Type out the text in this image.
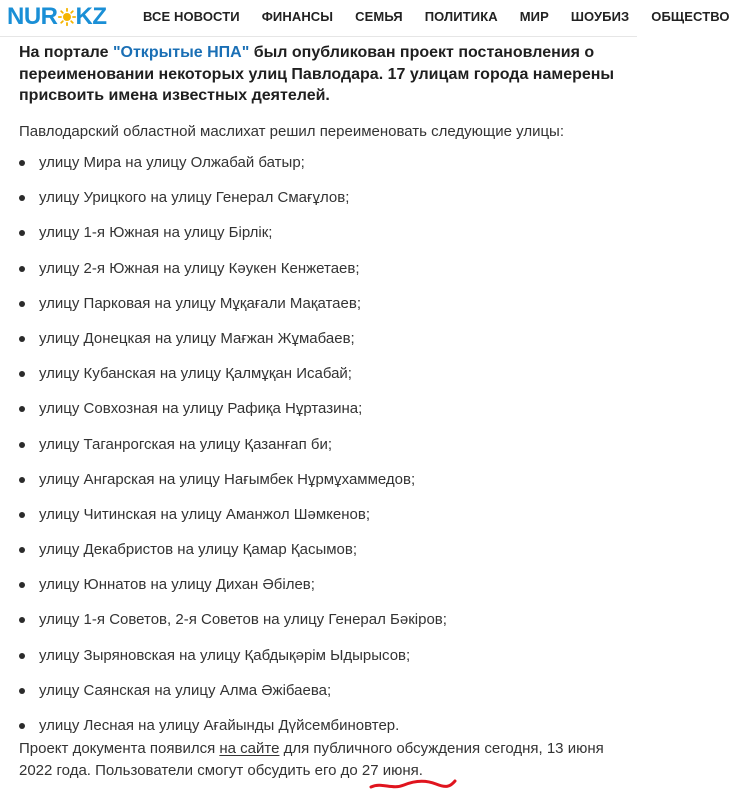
NUR KZ	ВСЕ НОВОСТИ ФИНАНСЫ СЕМЬЯ ПОЛИТИКА МИР ШОУБИЗ ОБЩЕСТВО
На портале "Открытые НПА" был опубликован проект постановления о переименовании некоторых улиц Павлодара. 17 улицам города намерены присвоить имена известных деятелей.
Павлодарский областной маслихат решил переименовать следующие улицы:
улицу Мира на улицу Олжабай батыр;
улицу Урицкого на улицу Генерал Смағұлов;
улицу 1-я Южная на улицу Бірлік;
улицу 2-я Южная на улицу Кәукен Кенжетаев;
улицу Парковая на улицу Мұқағали Мақатаев;
улицу Донецкая на улицу Мағжан Жұмабаев;
улицу Кубанская на улицу Қалмұқан Исабай;
улицу Совхозная на улицу Рафиқа Нұртазина;
улицу Таганрогская на улицу Қазанғап би;
улицу Ангарская на улицу Нағымбек Нұрмұхаммедов;
улицу Читинская на улицу Аманжол Шәмкенов;
улицу Декабристов на улицу Қамар Қасымов;
улицу Юннатов на улицу Дихан Әбілев;
улицу 1-я Советов, 2-я Советов на улицу Генерал Бәкіров;
улицу Зыряновская на улицу Қабдықәрім Ыдырысов;
улицу Саянская на улицу Алма Әжібаева;
улицу Лесная на улицу Ағайынды Дүйсембиновтер.
Проект документа появился на сайте для публичного обсуждения сегодня, 13 июня 2022 года. Пользователи смогут обсудить его до 27 июня.
